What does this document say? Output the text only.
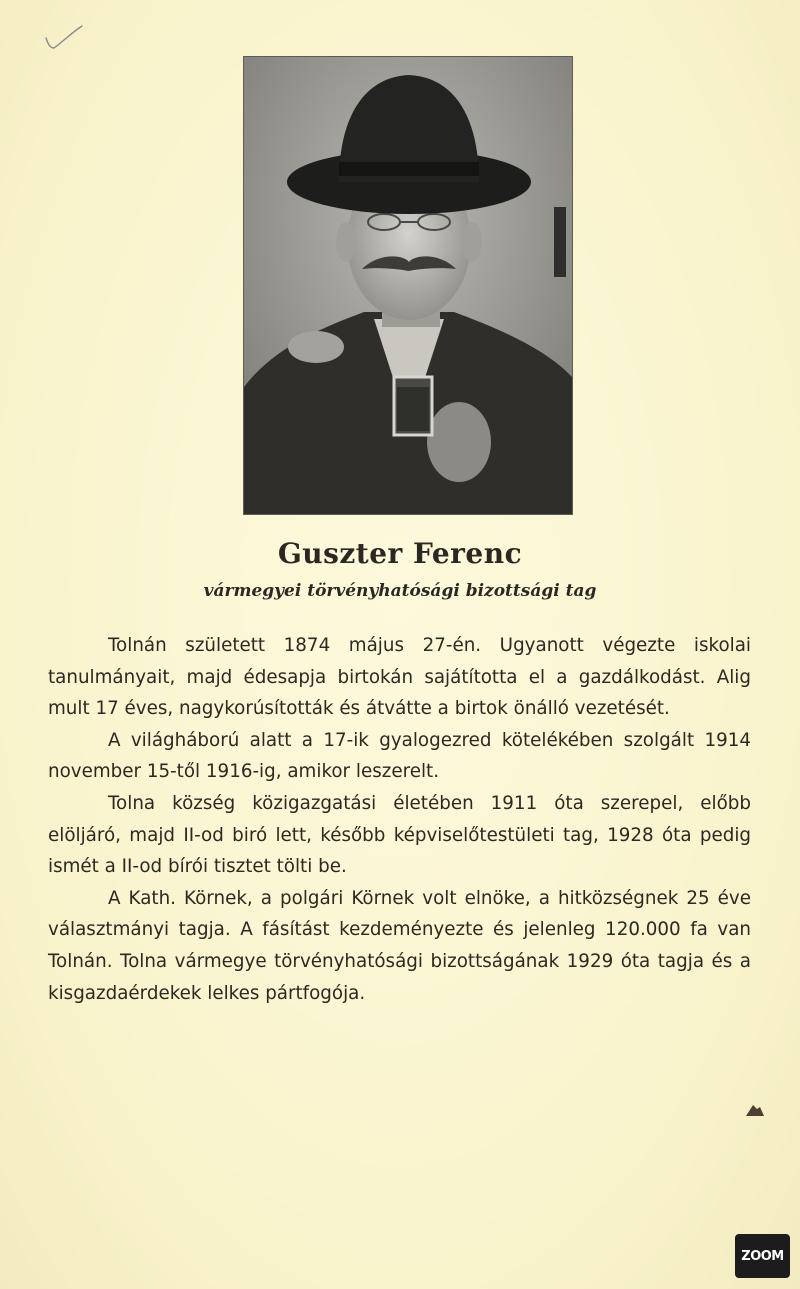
Guszter Ferenc
vármegyei törvényhatósági bizottsági tag

Tolnán született 1874 május 27-én. Ugyanott végezte iskolai tanulmányait, majd édesapja birtokán sajátította el a gazdálkodást. Alig mult 17 éves, nagykorúsították és átvátte a birtok önálló vezetését.

A világháború alatt a 17-ik gyalogezred kötelékében szolgált 1914 november 15-től 1916-ig, amikor leszerelt.

Tolna község közigazgatási életében 1911 óta szerepel, előbb elöljáró, majd II-od biró lett, később képviselőtestületi tag, 1928 óta pedig ismét a II-od bírói tisztet tölti be.

A Kath. Körnek, a polgári Körnek volt elnöke, a hitközségnek 25 éve választmányi tagja. A fásítást kezdeményezte és jelenleg 120.000 fa van Tolnán. Tolna vármegye törvényhatósági bizottságának 1929 óta tagja és a kisgazdaérdekek lelkes pártfogója.

ZOOM
